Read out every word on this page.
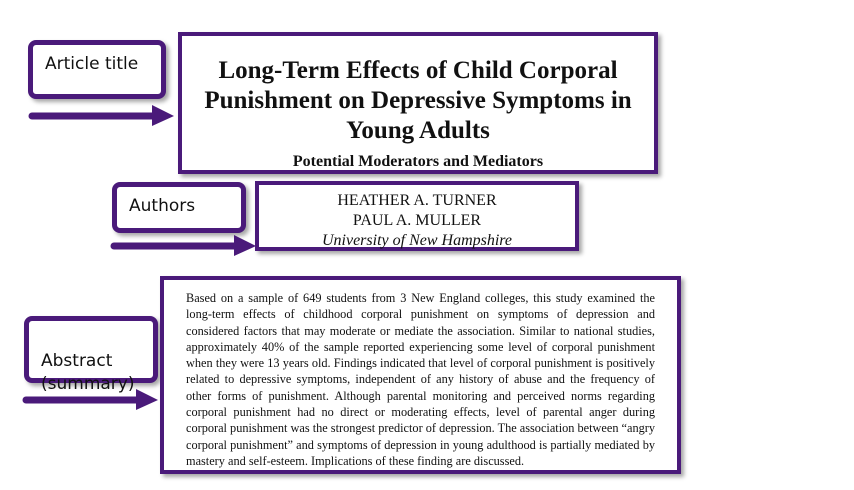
Article title
Authors

Abstract
(summary)

Long-Term Effects of Child Corporal Punishment on Depressive Symptoms in Young Adults
Potential Moderators and Mediators
HEATHER A. TURNER
PAUL A. MULLER
University of New Hampshire
Based on a sample of 649 students from 3 New England colleges, this study examined the long-term effects of childhood corporal punishment on symptoms of depression and considered factors that may moderate or mediate the association. Similar to national studies, approximately 40% of the sample reported experiencing some level of corporal punishment when they were 13 years old. Findings indicated that level of corporal punishment is positively related to depressive symptoms, independent of any history of abuse and the frequency of other forms of punishment. Although parental monitoring and perceived norms regarding corporal punishment had no direct or moderating effects, level of parental anger during corporal punishment was the strongest predictor of depression. The association between “angry corporal punishment” and symptoms of depression in young adulthood is partially mediated by mastery and self-esteem. Implications of these finding are discussed.
